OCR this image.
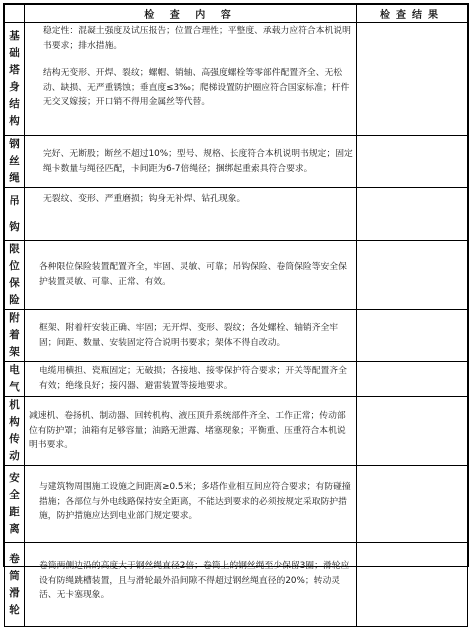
	检 查 内 容	检查结果

基础塔身结构	稳定性：混凝土强度及试压报告；位置合理性；平整度、承载力应符合本机说明书要求；排水措施。
结构无变形、开焊、裂纹；螺帽、销轴、高强度螺栓等零部件配置齐全、无松动、缺损、无严重锈蚀；垂直度≤3‰；爬梯设置防护圈应符合国家标准；杆件无交叉嫁接；开口销不得用金属丝等代替。	

钢丝绳	完好、无断股；断丝不超过10%；型号、规格、长度符合本机说明书规定；固定绳卡数量与绳径匹配，卡间距为6-7倍绳径；捆绑起重索具符合要求。	

吊钩	无裂纹、变形、严重磨损；钩身无补焊、钻孔现象。	

限位保险	各种限位保险装置配置齐全，牢固、灵敏、可靠；吊钩保险、卷筒保险等安全保护装置灵敏、可靠、正常、有效。	

附着架	框架、附着杆安装正确、牢固；无开焊、变形、裂纹；各处螺栓、轴销齐全牢固；间距、数量、安装固定符合说明书要求；架体不得自改动。	

电气	电缆用横担、瓷瓶固定；无破损；各接地、接零保护符合要求；开关等配置齐全有效；绝缘良好；接闪器、避雷装置等接地要求。	

机构传动	减速机、卷扬机、制动器、回转机构、液压顶升系统部件齐全、工作正常；传动部位有防护罩；油箱有足够容量；油路无泄露、堵塞现象；平衡重、压重符合本机说明书要求。	

安全距离	与建筑物周围施工设施之间距离≥0.5米；多塔作业相互间应符合要求；有防碰撞措施；各部位与外电线路保持安全距离，不能达到要求的必须按规定采取防护措施，防护措施应达到电业部门规定要求。	

卷筒滑轮	卷筒两侧边沿的高度大于钢丝绳直径2倍；卷筒上的钢丝绳至少保留3圈；滑轮应设有防绳跳槽装置，且与滑轮最外沿间隙不得超过钢丝绳直径的20%；转动灵活、无卡塞现象。	
